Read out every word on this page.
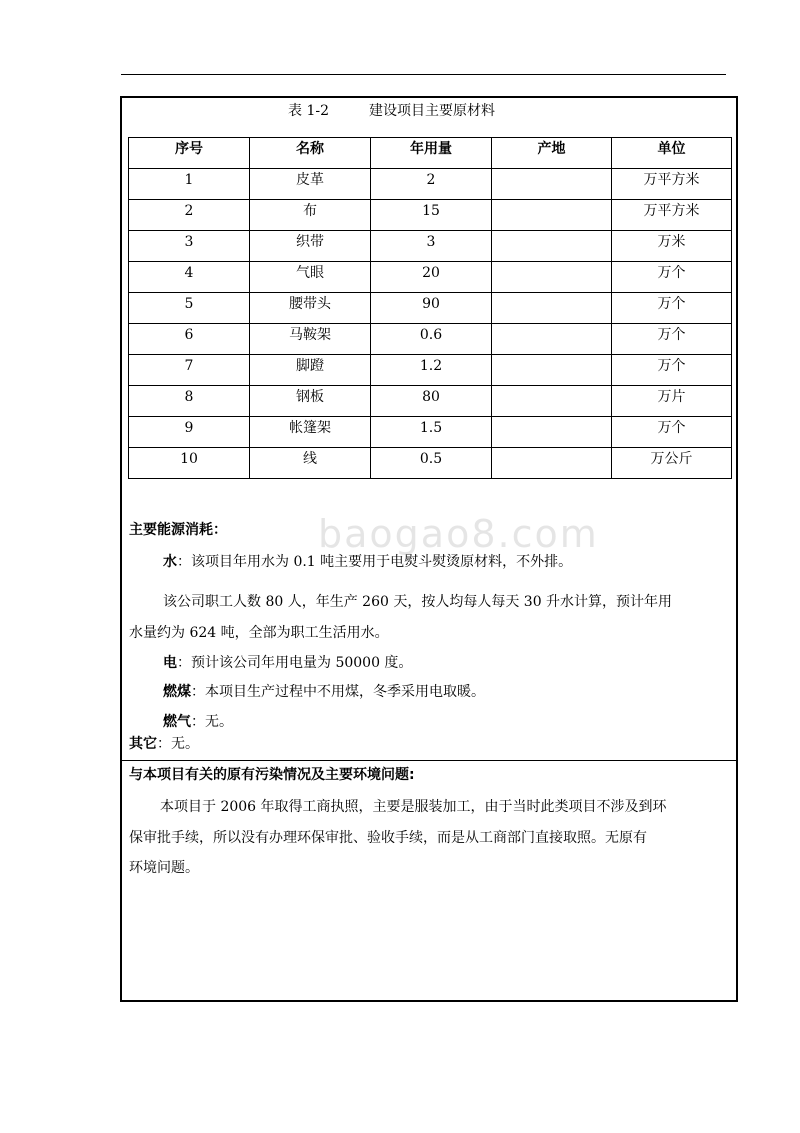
表 1-2	建设项目主要原材料
序号	名称	年用量	产地	单位
1	皮革	2		万平方米
2	布	15		万平方米
3	织带	3		万米
4	气眼	20		万个
5	腰带头	90		万个
6	马鞍架	0.6		万个
7	脚蹬	1.2		万个
8	钢板	80		万片
9	帐篷架	1.5		万个
10	线	0.5		万公斤
baogao8.com
主要能源消耗：
水：该项目年用水为 0.1 吨主要用于电熨斗熨烫原材料，不外排。
该公司职工人数 80 人，年生产 260 天，按人均每人每天 30 升水计算，预计年用
水量约为 624 吨，全部为职工生活用水。
电：预计该公司年用电量为 50000 度。
燃煤：本项目生产过程中不用煤，冬季采用电取暖。
燃气：无。
其它：无。
与本项目有关的原有污染情况及主要环境问题:
本项目于 2006 年取得工商执照，主要是服装加工，由于当时此类项目不涉及到环
保审批手续，所以没有办理环保审批、验收手续，而是从工商部门直接取照。无原有
环境问题。
